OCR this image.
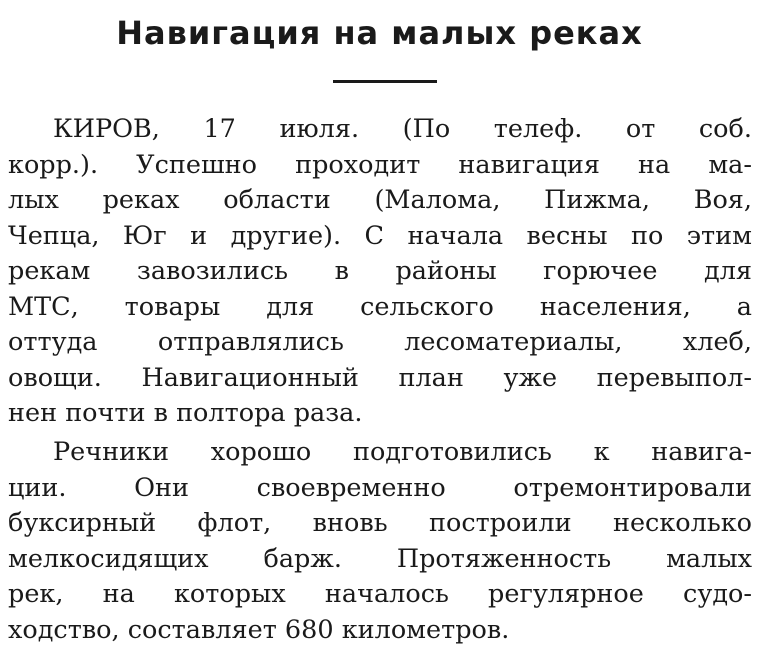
Навигация на малых реках

КИРОВ, 17 июля. (По телеф. от соб.
корр.). Успешно проходит навигация на ма-
лых реках области (Малома, Пижма, Воя,
Чепца, Юг и другие). С начала весны по этим
рекам завозились в районы горючее для
МТС, товары для сельского населения, а
оттуда отправлялись лесоматериалы, хлеб,
овощи. Навигационный план уже перевыпол-
нен почти в полтора раза.

Речники хорошо подготовились к навига-
ции. Они своевременно отремонтировали
буксирный флот, вновь построили несколько
мелкосидящих барж. Протяженность малых
рек, на которых началось регулярное судо-
ходство, составляет 680 километров.
